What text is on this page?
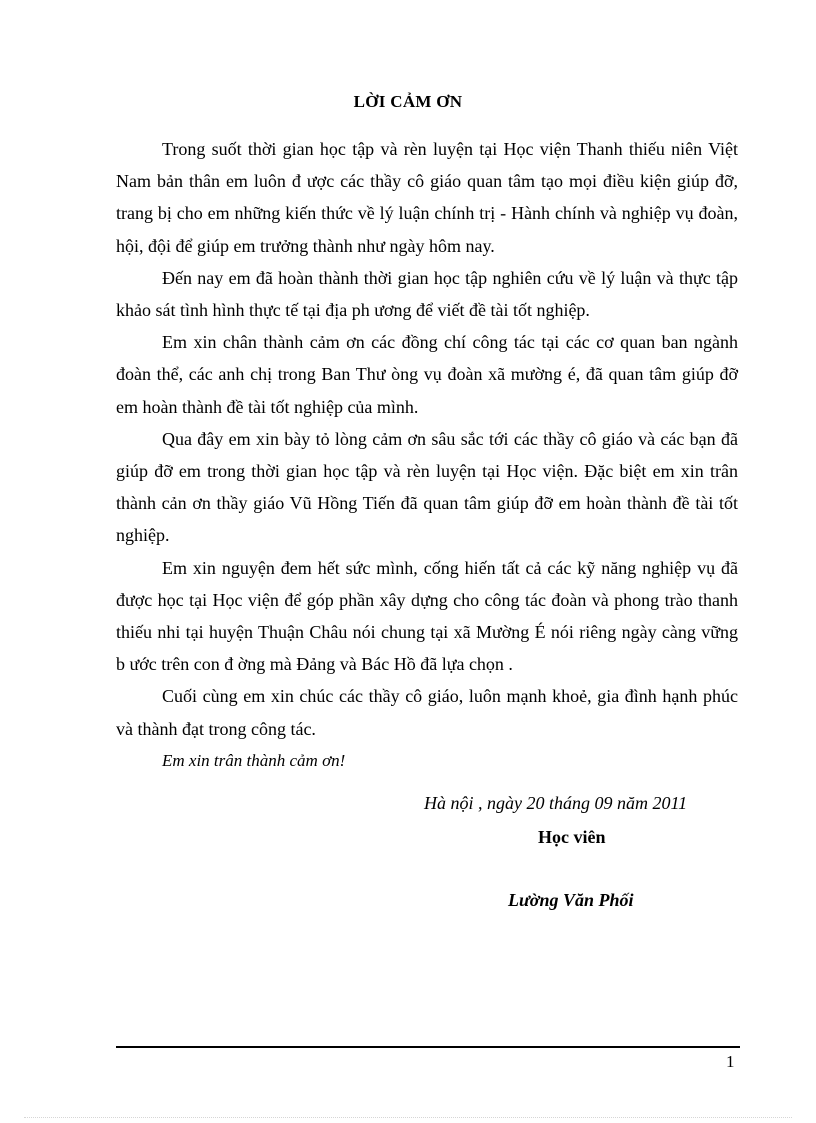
LỜI CẢM ƠN

Trong suốt thời gian học tập và rèn luyện tại Học viện Thanh thiếu niên Việt Nam bản thân em luôn đ ược các thầy cô giáo quan tâm tạo mọi điều kiện giúp đỡ, trang bị cho em những kiến thức về lý luận chính trị - Hành chính và nghiệp vụ đoàn, hội, đội để giúp em trưởng thành như ngày hôm nay.

Đến nay em đã hoàn thành thời gian học tập nghiên cứu về lý luận và thực tập khảo sát tình hình thực tế tại địa ph ương để viết đề tài tốt nghiệp.

Em xin chân thành cảm ơn các đồng chí công tác tại các cơ quan ban ngành đoàn thể, các anh chị trong Ban Thư òng vụ đoàn xã mường é, đã quan tâm giúp đỡ em hoàn thành đề tài tốt nghiệp của mình.

Qua đây em xin bày tỏ lòng cảm ơn sâu sắc tới các thầy cô giáo và các bạn đã giúp đỡ em trong thời gian học tập và rèn luyện tại Học viện. Đặc biệt em xin trân thành cản ơn thầy giáo Vũ Hồng Tiến đã quan tâm giúp đỡ em hoàn thành đề tài tốt nghiệp.

Em xin nguyện đem hết sức mình, cống hiến tất cả các kỹ năng nghiệp vụ đã được học tại Học viện để góp phần xây dựng cho công tác đoàn và phong trào thanh thiếu nhi tại huyện Thuận Châu nói chung tại xã Mường É nói riêng ngày càng vững b ước trên con đ ờng mà Đảng và Bác Hồ đã lựa chọn .

Cuối cùng em xin chúc các thầy cô giáo, luôn mạnh khoẻ, gia đình hạnh phúc và thành đạt trong công tác.

Em xin trân thành cảm ơn!

Hà nội , ngày 20 tháng 09 năm 2011
Học viên
Lường Văn Phối
1
